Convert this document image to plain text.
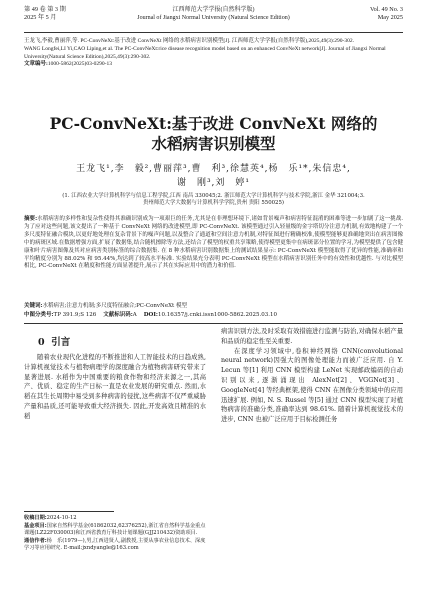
第 49 卷 第 3 期
2025 年 5 月
江西师范大学学报(自然科学版)
Journal of Jiangxi Normal University (Natural Science Edition)
Vol. 49 No. 3
May 2025
王龙飞,李毅,曹丽萍,等. PC-ConvNeXt:基于改进 ConvNeXt 网络的水稻病害识别模型[J]. 江西师范大学学报(自然科学版),2025,49(3):290-302.
WANG Longfei,LI Yi,CAO Liping,et al. The PC-ConvNeXt:rice disease recognition model based on an enhanced ConvNeXt network[J]. Journal of Jiangxi Normal University(Natural Science Edition),2025,49(3):290-302.
文章编号:1000-5862(2025)03-0290-13
PC-ConvNeXt:基于改进 ConvNeXt 网络的
水稻病害识别模型
王龙飞¹,李　毅²,曹丽萍³,曹　利³,徐慧英⁴,杨　乐¹*,朱信忠⁴,
谢　刚³,刘　婷¹
(1. 江西农业大学计算机科学与信息工程学院,江西 南昌 330045;2. 浙江师范大学计算机科学与技术学院,浙江 金华 321004;3. 贵州师范大学大数据与计算机科学学院,贵州 贵阳 550025)
摘要:水稻病害的多样性和复杂性使得其准确识别成为一项艰巨的任务,尤其是在非理想环境下,诸如背景噪声和病害特征混淆的困难等进一步加剧了这一挑战.为了应对这些问题,该文提出了一种基于 ConvNeXt 网络的改进模型,即 PC-ConvNeXt. 该模型通过引入轻量级的金字塔切分注意力机制,有效地构建了一个多尺度特征融合模块,以更好地处理在复杂背景下的噪声问题,以及整合了通道和空间注意力机制,对特征图进行精确校准,使模型能够更准确地突出在病害图像中的病斑区域.在数据增强方面,扩展了数据集,结合随机擦除等方法,还结合了模型的权重共享策略,使得模型更集中在病斑部分位置的学习,为模型提供了包含健康和叶片病害图像及其对应病害类别标签的综合数据集. 在 8 种水稻病害识别数据集上的测试结果显示: PC-ConvNeXt 模型能取得了优异的性能,准确率和平均精度分别为 88.02% 和 95.44%,均达到了较高水平标准. 实验结果充分表明 PC-ConvNeXt 模型在水稻病害识别任务中的有效性和优越性. 与对比模型相比, PC-ConvNeXt 在精度和性能方面显著提升,展示了其在实际应用中的潜力和价值.
关键词:水稻病害;注意力机制;多尺度特征融合;PC-ConvNeXt 模型
中图分类号:TP 391.9;S 126 文献标识码:A DOI:10.16357/j.cnki.issn1000-5862.2025.03.10
0 引言
随着农业现代化进程的不断推进和人工智能技术的日趋成熟,计算机视觉技术与植物病理学的深度融合为植物病害研究带来了显著进展. 水稻作为中国重要的粮食作物和经济来源之一,其高产、优质、稳定的生产日标一直是农业发展的研究重点. 然而,水稻在其生长周期中易受到多种病害的侵扰,这些病害不仅严重威胁产量和品质,还可能导致重大经济损失. 因此,开发高效且精准的水稻
病害识别方法,及时采取有效措施进行监测与防治,对确保水稻产量和品质的稳定性至关重要.
在深度学习领域中,卷积神经网络 CNN(convolutional neural network)因强大的图像处理能力而被广泛应用. 自 Y. Lecun 等[1] 利用 CNN 模型构建 LeNet 实现邮政编码的自动识别以来,逐渐涌现出 AlexNet[2]、VGGNet[3]、GoogleNet[4] 等经典框架,使得 CNN 在图像分类领域中的应用迅速扩展. 例如, N. S. Russel 等[5] 通过 CNN 模型实现了对植物病害的准确分类,准确率达到 98.61%. 随着计算机视觉技术的进步, CNN 也被广泛应用于目标检测任务
收稿日期:2024-10-12
基金项目:国家自然科学基金(61862032,62376252),浙江省自然科学基金重点课题(LZ22F030003)和江西省教育厅科技计划课题(GJJ210432)资助项目.
通信作者:杨　乐(1979—),男,江西进贤人,副教授,主要从事农业信息技术、深度学习等应用研究. E-mail:jxndyangle@163.com
